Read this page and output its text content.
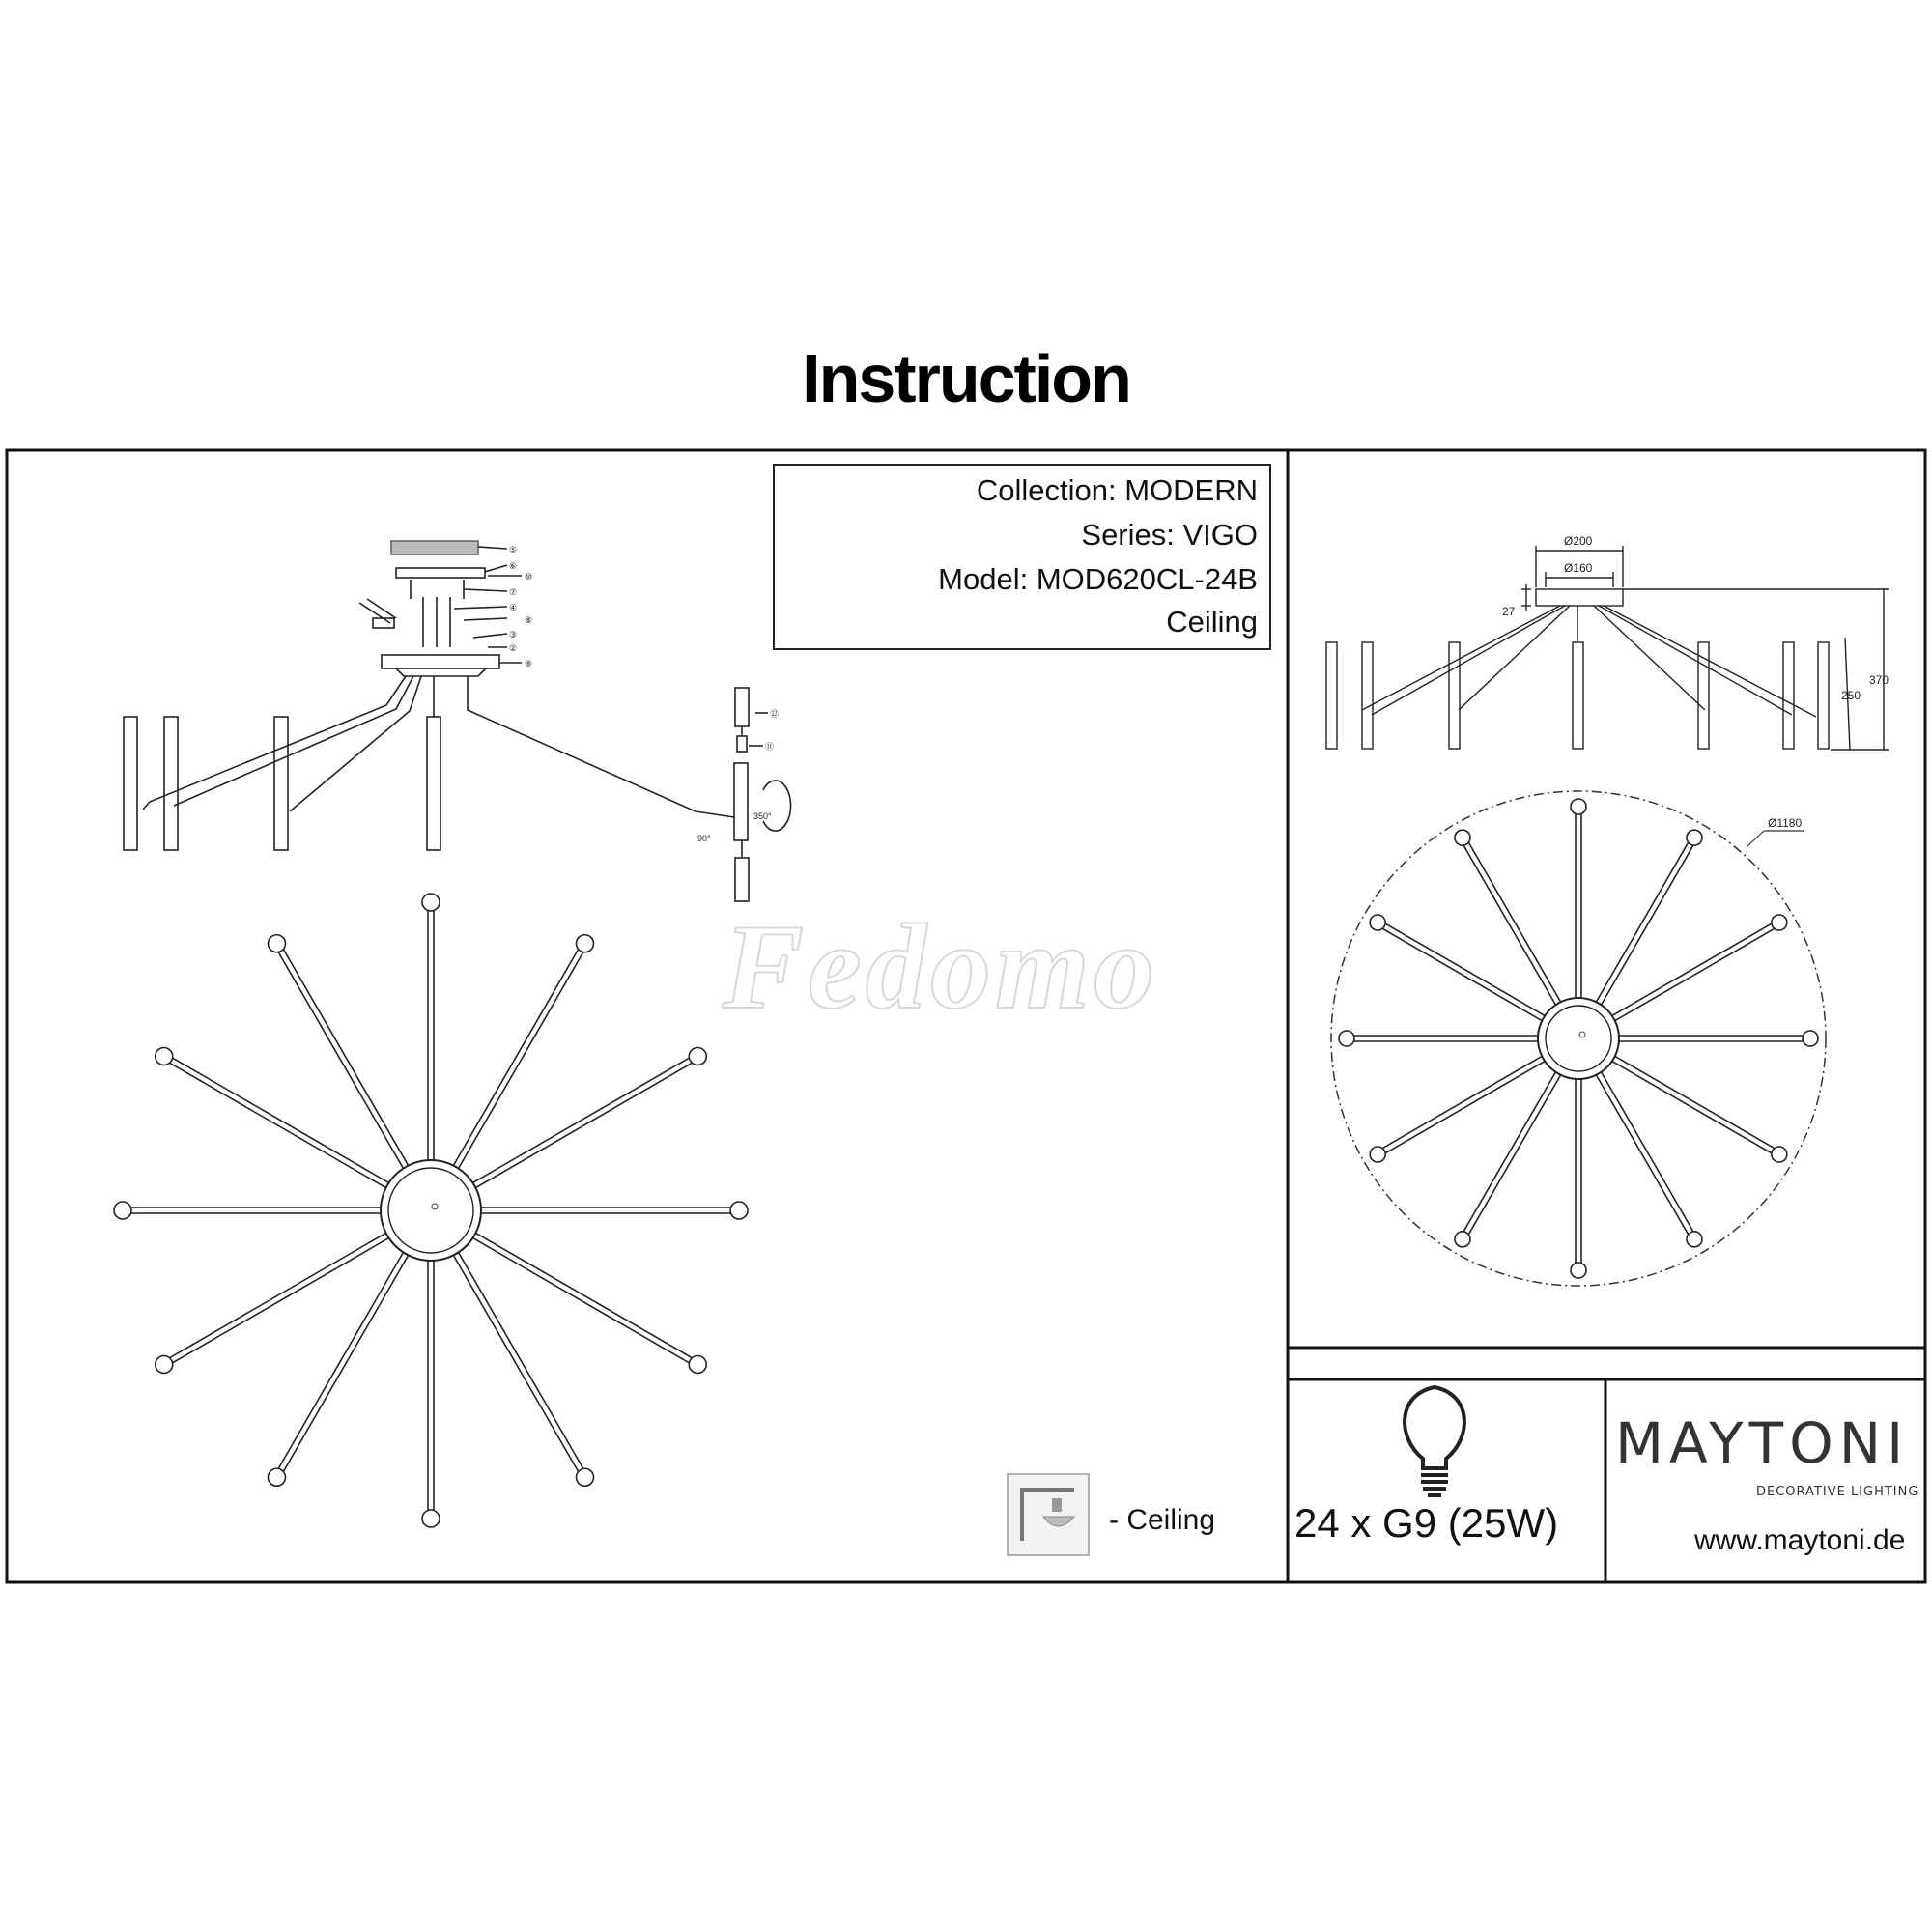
Instruction
⑤
⑥
⑩
⑦
④
⑧
③
②
⑨
⑫
⑪
90°
350°
Ø200
Ø160
27
250
370
Ø1180
Fedomo
Collection: MODERN
Series: VIGO
Model: MOD620CL-24B
Ceiling
- Ceiling 24 x G9 (25W)
MAYTONI
DECORATIVE LIGHTING
www.maytoni.de
